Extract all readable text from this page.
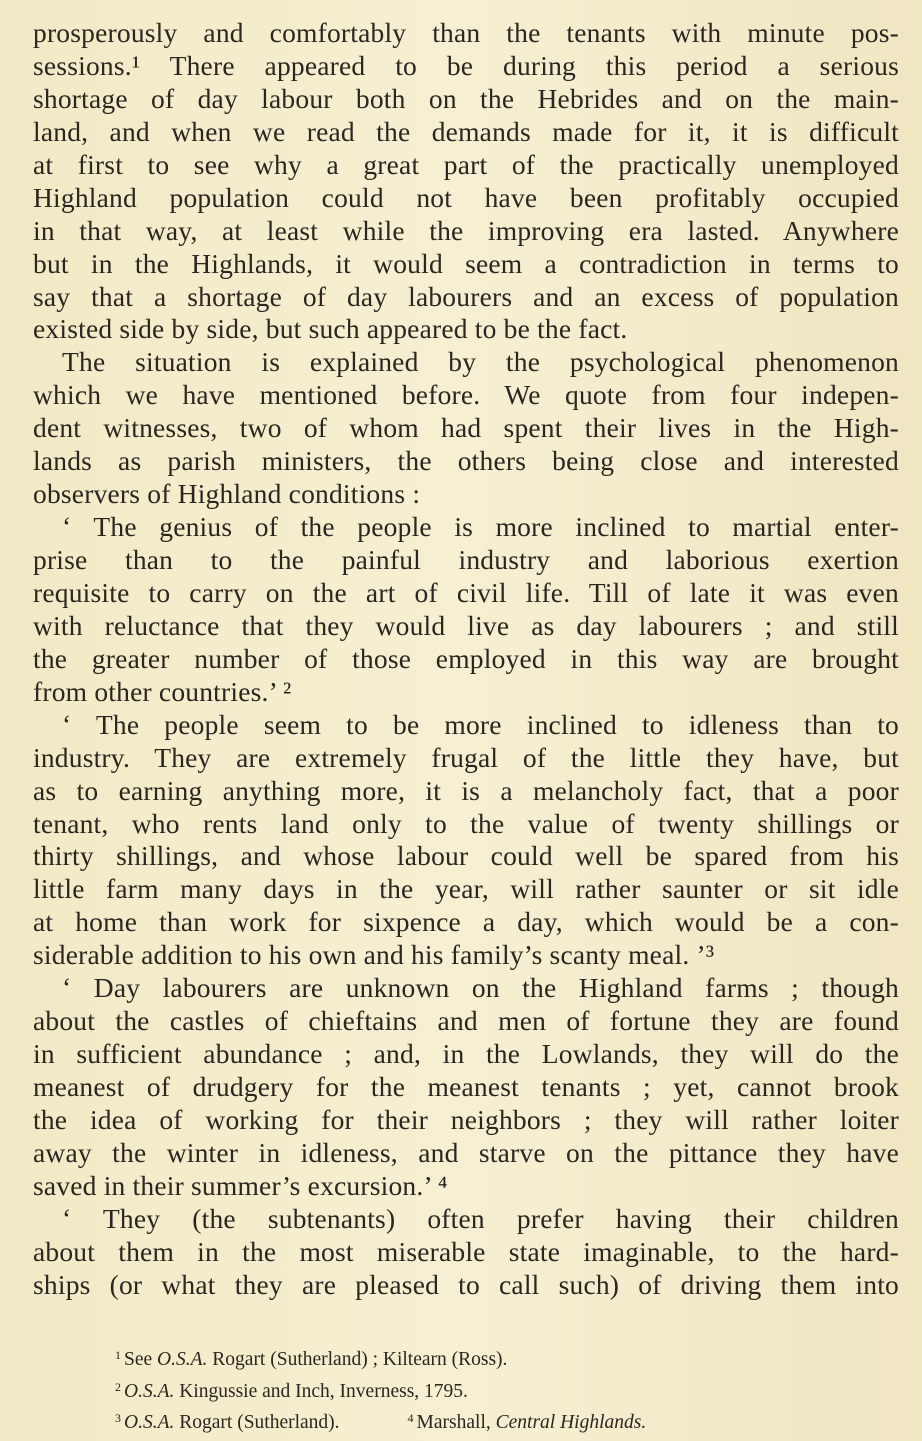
prosperously and comfortably than the tenants with minute pos-
sessions.¹ There appeared to be during this period a serious
shortage of day labour both on the Hebrides and on the main-
land, and when we read the demands made for it, it is difficult
at first to see why a great part of the practically unemployed
Highland population could not have been profitably occupied
in that way, at least while the improving era lasted. Anywhere
but in the Highlands, it would seem a contradiction in terms to
say that a shortage of day labourers and an excess of population
existed side by side, but such appeared to be the fact.
The situation is explained by the psychological phenomenon
which we have mentioned before. We quote from four indepen-
dent witnesses, two of whom had spent their lives in the High-
lands as parish ministers, the others being close and interested
observers of Highland conditions :
‘ The genius of the people is more inclined to martial enter-
prise than to the painful industry and laborious exertion
requisite to carry on the art of civil life. Till of late it was even
with reluctance that they would live as day labourers ; and still
the greater number of those employed in this way are brought
from other countries.’ ²
‘ The people seem to be more inclined to idleness than to
industry. They are extremely frugal of the little they have, but
as to earning anything more, it is a melancholy fact, that a poor
tenant, who rents land only to the value of twenty shillings or
thirty shillings, and whose labour could well be spared from his
little farm many days in the year, will rather saunter or sit idle
at home than work for sixpence a day, which would be a con-
siderable addition to his own and his family’s scanty meal. ’³
‘ Day labourers are unknown on the Highland farms ; though
about the castles of chieftains and men of fortune they are found
in sufficient abundance ; and, in the Lowlands, they will do the
meanest of drudgery for the meanest tenants ; yet, cannot brook
the idea of working for their neighbors ; they will rather loiter
away the winter in idleness, and starve on the pittance they have
saved in their summer’s excursion.’ ⁴
‘ They (the subtenants) often prefer having their children
about them in the most miserable state imaginable, to the hard-
ships (or what they are pleased to call such) of driving them into
$^1$ See O.S.A. Rogart (Sutherland) ; Kiltearn (Ross).
$^2$ O.S.A. Kingussie and Inch, Inverness, 1795.
$^3$ O.S.A. Rogart (Sutherland).	$^4$ Marshall, Central Highlands.
